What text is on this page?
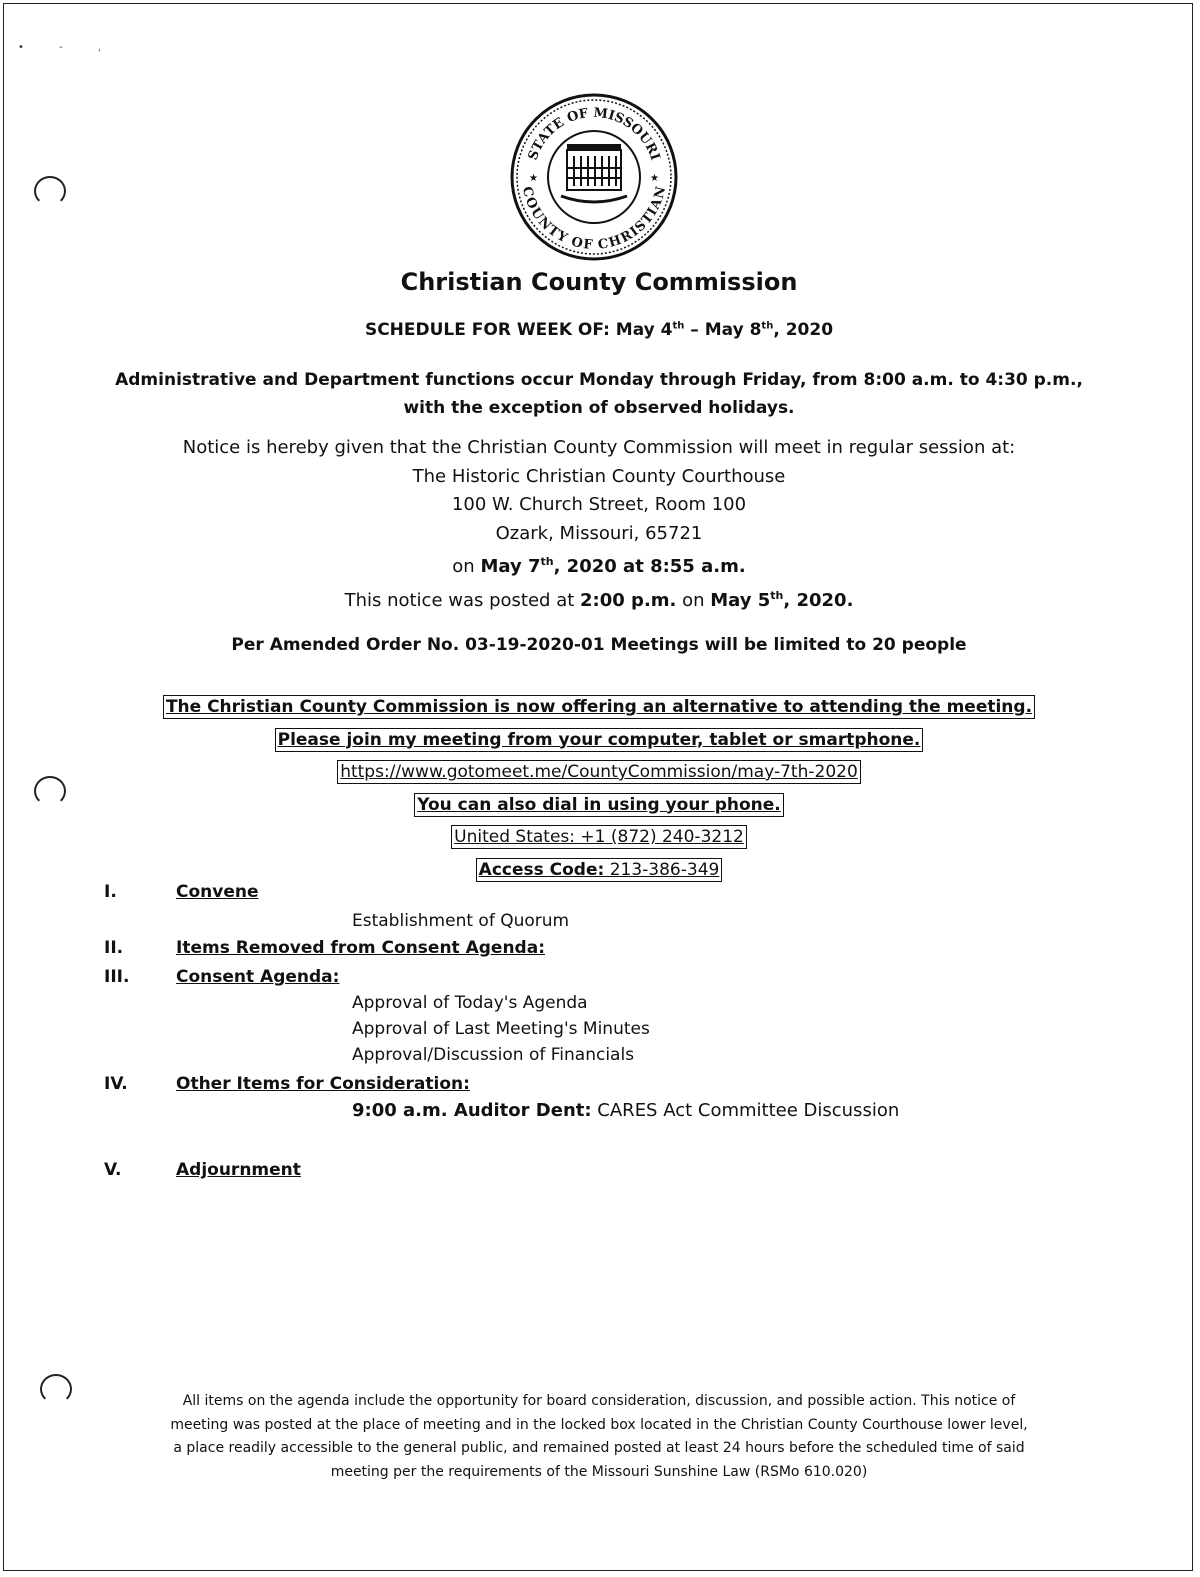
• - ˌ
STATE OF MISSOURI
COUNTY OF CHRISTIAN
★	★
Christian County Commission
SCHEDULE FOR WEEK OF: May 4th – May 8th, 2020
Administrative and Department functions occur Monday through Friday, from 8:00 a.m. to 4:30 p.m.,
with the exception of observed holidays.
Notice is hereby given that the Christian County Commission will meet in regular session at:
The Historic Christian County Courthouse
100 W. Church Street, Room 100
Ozark, Missouri, 65721
on May 7th, 2020 at 8:55 a.m.
This notice was posted at 2:00 p.m. on May 5th, 2020.
Per Amended Order No. 03-19-2020-01 Meetings will be limited to 20 people
The Christian County Commission is now offering an alternative to attending the meeting.
Please join my meeting from your computer, tablet or smartphone.
https://www.gotomeet.me/CountyCommission/may-7th-2020
You can also dial in using your phone.
United States: +1 (872) 240-3212
Access Code: 213-386-349
I.	Convene
Establishment of Quorum
II.	Items Removed from Consent Agenda:
III.	Consent Agenda:
Approval of Today's Agenda
Approval of Last Meeting's Minutes
Approval/Discussion of Financials
IV.	Other Items for Consideration:
9:00 a.m. Auditor Dent: CARES Act Committee Discussion
V.	Adjournment
All items on the agenda include the opportunity for board consideration, discussion, and possible action. This notice of
meeting was posted at the place of meeting and in the locked box located in the Christian County Courthouse lower level,
a place readily accessible to the general public, and remained posted at least 24 hours before the scheduled time of said
meeting per the requirements of the Missouri Sunshine Law (RSMo 610.020)
